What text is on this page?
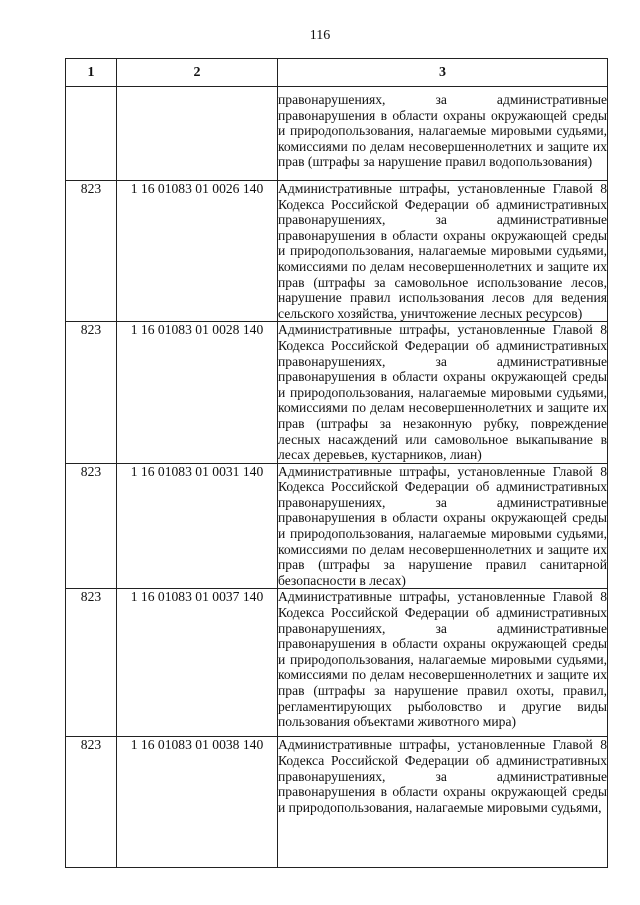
116
1	2	3
		правонарушениях, за административные правонарушения в области охраны окружающей среды и природопользования, налагаемые мировыми судьями, комиссиями по делам несовершеннолетних и защите их прав (штрафы за нарушение правил водопользования)
823	1 16 01083 01 0026 140	Административные штрафы, установленные Главой 8 Кодекса Российской Федерации об административных правонарушениях, за административные правонарушения в области охраны окружающей среды и природопользования, налагаемые мировыми судьями, комиссиями по делам несовершеннолетних и защите их прав (штрафы за самовольное использование лесов, нарушение правил использования лесов для ведения сельского хозяйства, уничтожение лесных ресурсов)
823	1 16 01083 01 0028 140	Административные штрафы, установленные Главой 8 Кодекса Российской Федерации об административных правонарушениях, за административные правонарушения в области охраны окружающей среды и природопользования, налагаемые мировыми судьями, комиссиями по делам несовершеннолетних и защите их прав (штрафы за незаконную рубку, повреждение лесных насаждений или самовольное выкапывание в лесах деревьев, кустарников, лиан)
823	1 16 01083 01 0031 140	Административные штрафы, установленные Главой 8 Кодекса Российской Федерации об административных правонарушениях, за административные правонарушения в области охраны окружающей среды и природопользования, налагаемые мировыми судьями, комиссиями по делам несовершеннолетних и защите их прав (штрафы за нарушение правил санитарной безопасности в лесах)
823	1 16 01083 01 0037 140	Административные штрафы, установленные Главой 8 Кодекса Российской Федерации об административных правонарушениях, за административные правонарушения в области охраны окружающей среды и природопользования, налагаемые мировыми судьями, комиссиями по делам несовершеннолетних и защите их прав (штрафы за нарушение правил охоты, правил, регламентирующих рыболовство и другие виды пользования объектами животного мира)
823	1 16 01083 01 0038 140	Административные штрафы, установленные Главой 8 Кодекса Российской Федерации об административных правонарушениях, за административные правонарушения в области охраны окружающей среды и природопользования, налагаемые мировыми судьями,
